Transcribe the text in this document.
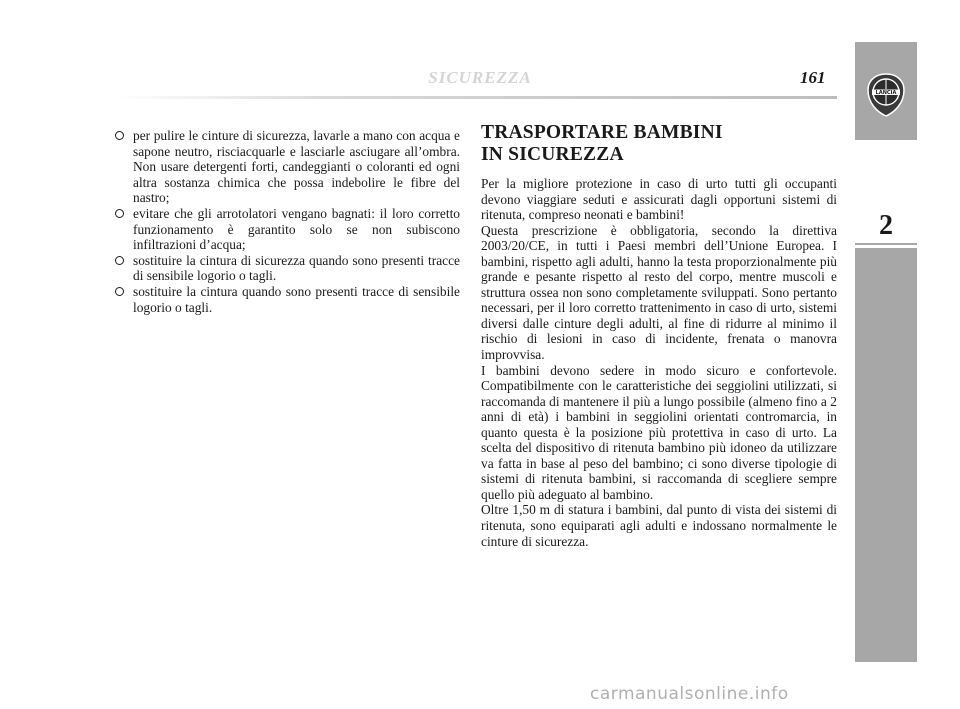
SICUREZZA	161
LANCIA
2

per pulire le cinture di sicurezza, lavarle a mano con acqua e sapone neutro, risciacquarle e lasciarle asciugare all’ombra. Non usare detergenti forti, candeggianti o coloranti ed ogni altra sostanza chimica che possa indebolire le fibre del nastro;

evitare che gli arrotolatori vengano bagnati: il loro corretto funzionamento è garantito solo se non subiscono infiltrazioni d’acqua;

sostituire la cintura di sicurezza quando sono presenti tracce di sensibile logorio o tagli.

sostituire la cintura quando sono presenti tracce di sensibile logorio o tagli.

TRASPORTARE BAMBINI
IN SICUREZZA

Per la migliore protezione in caso di urto tutti gli occupanti devono viaggiare seduti e assicurati dagli opportuni sistemi di ritenuta, compreso neonati e bambini!

Questa prescrizione è obbligatoria, secondo la direttiva 2003/20/CE, in tutti i Paesi membri dell’Unione Europea. I bambini, rispetto agli adulti, hanno la testa proporzionalmente più grande e pesante rispetto al resto del corpo, mentre muscoli e struttura ossea non sono completamente sviluppati. Sono pertanto necessari, per il loro corretto trattenimento in caso di urto, sistemi diversi dalle cinture degli adulti, al fine di ridurre al minimo il rischio di lesioni in caso di incidente, frenata o manovra improvvisa.

I bambini devono sedere in modo sicuro e confortevole. Compatibilmente con le caratteristiche dei seggiolini utilizzati, si raccomanda di mantenere il più a lungo possibile (almeno fino a 2 anni di età) i bambini in seggiolini orientati contromarcia, in quanto questa è la posizione più protettiva in caso di urto. La scelta del dispositivo di ritenuta bambino più idoneo da utilizzare va fatta in base al peso del bambino; ci sono diverse tipologie di sistemi di ritenuta bambini, si raccomanda di scegliere sempre quello più adeguato al bambino.

Oltre 1,50 m di statura i bambini, dal punto di vista dei sistemi di ritenuta, sono equiparati agli adulti e indossano normalmente le cinture di sicurezza.

carmanualsonline.info
